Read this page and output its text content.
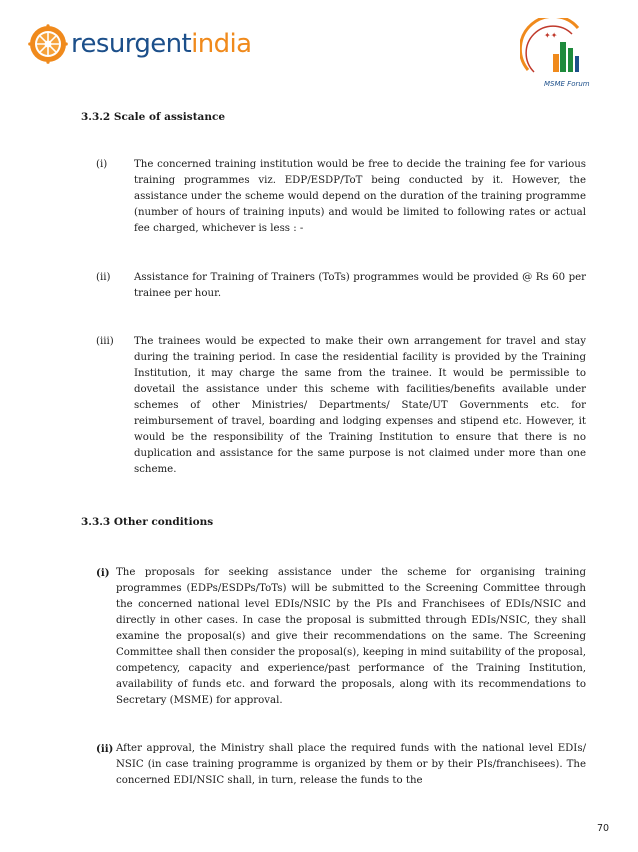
resurgentindia	✦✦
MSME Forum
3.3.2 Scale of assistance
(i)	The concerned training institution would be free to decide the training fee for various training programmes viz. EDP/ESDP/ToT being conducted by it. However, the assistance under the scheme would depend on the duration of the training programme (number of hours of training inputs) and would be limited to following rates or actual fee charged, whichever is less : -
(ii) Assistance for Training of Trainers (ToTs) programmes would be provided @ Rs 60 per trainee per hour.
(iii) The trainees would be expected to make their own arrangement for travel and stay during the training period. In case the residential facility is provided by the Training Institution, it may charge the same from the trainee. It would be permissible to dovetail the assistance under this scheme with facilities/benefits available under schemes of other Ministries/ Departments/ State/UT Governments etc. for reimbursement of travel, boarding and lodging expenses and stipend etc. However, it would be the responsibility of the Training Institution to ensure that there is no duplication and assistance for the same purpose is not claimed under more than one scheme.
3.3.3 Other conditions
(i) The proposals for seeking assistance under the scheme for organising training programmes (EDPs/ESDPs/ToTs) will be submitted to the Screening Committee through the concerned national level EDIs/NSIC by the PIs and Franchisees of EDIs/NSIC and directly in other cases. In case the proposal is submitted through EDIs/NSIC, they shall examine the proposal(s) and give their recommendations on the same. The Screening Committee shall then consider the proposal(s), keeping in mind suitability of the proposal, competency, capacity and experience/past performance of the Training Institution, availability of funds etc. and forward the proposals, along with its recommendations to Secretary (MSME) for approval.
(ii) After approval, the Ministry shall place the required funds with the national level EDIs/ NSIC (in case training programme is organized by them or by their PIs/franchisees). The concerned EDI/NSIC shall, in turn, release the funds to the
70
